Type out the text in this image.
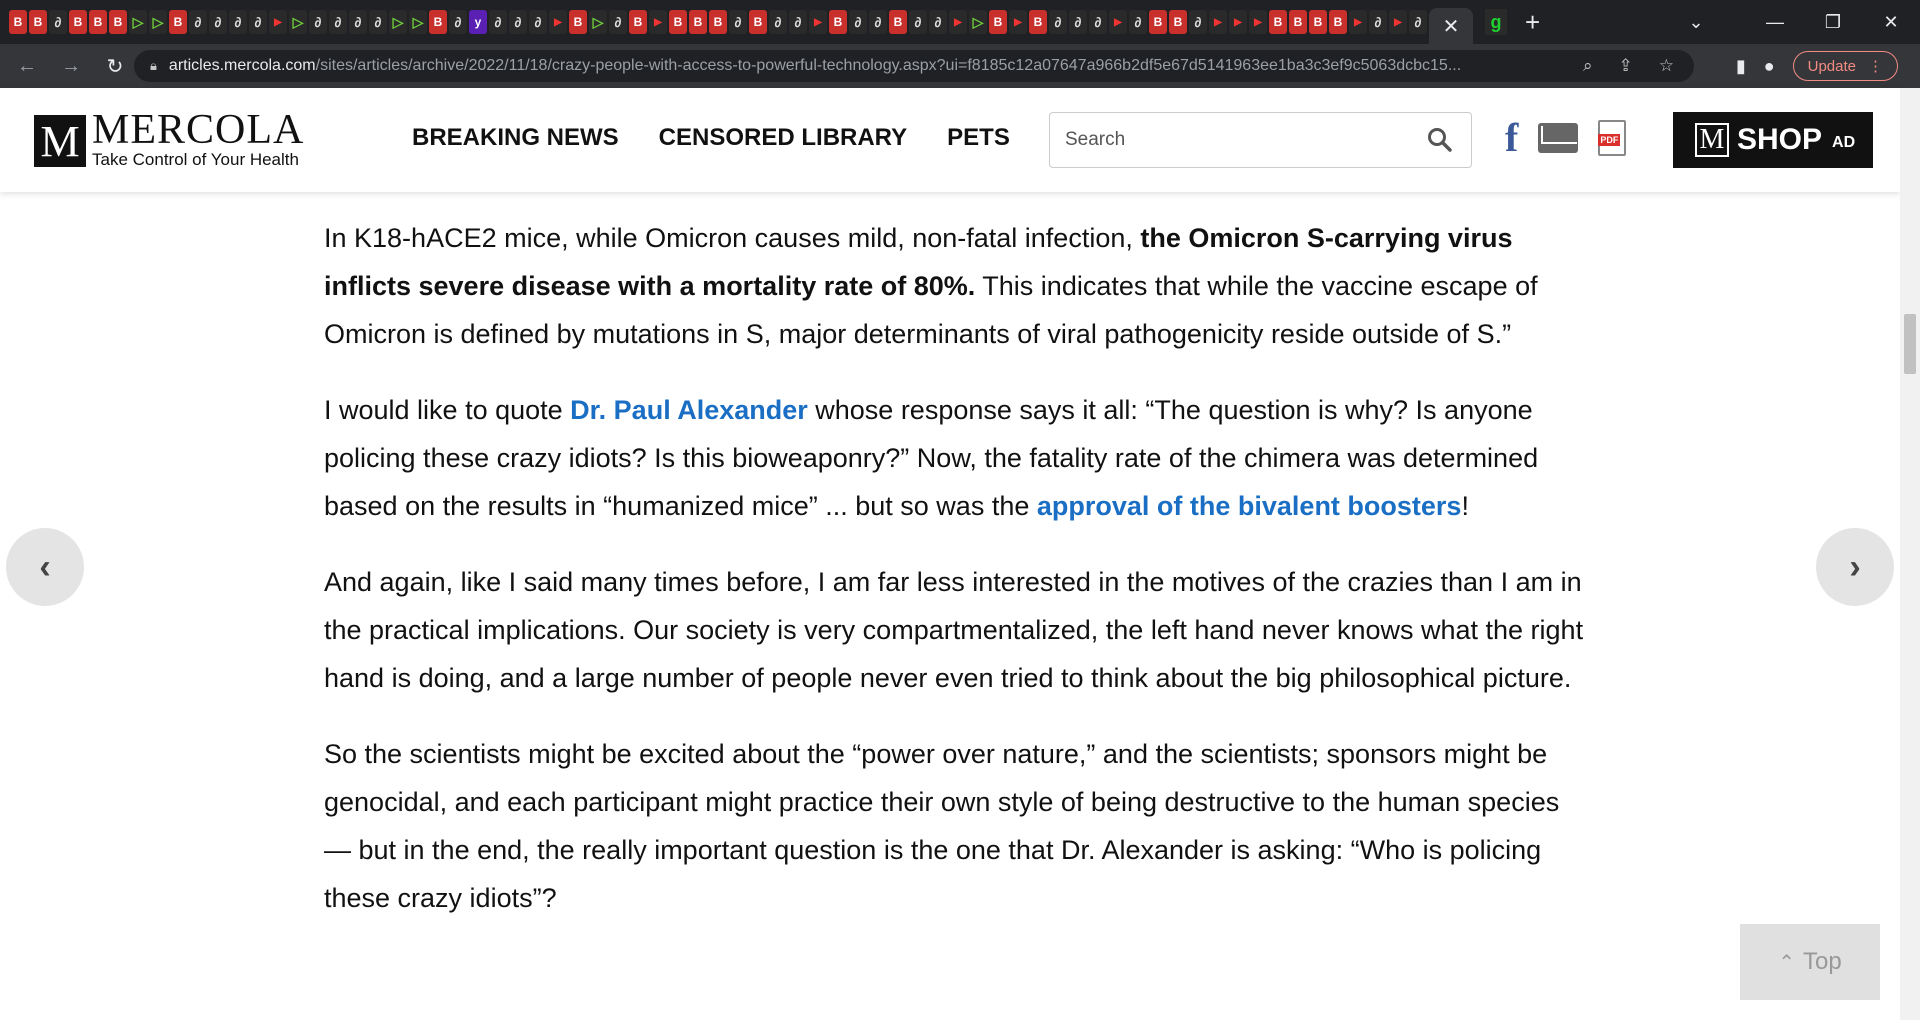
B
B
∂
B
B
B
▷
▷
B
∂
∂
∂
∂
▶
▷
∂
∂
∂
∂
▷
▷
B
∂
y
∂
∂
∂
▶
B
▷
∂
B
▶
B
B
B
∂
B
∂
∂
▶
B
∂
∂
B
∂
∂
▶
▷
B
▶
B
∂
∂
∂
▶
∂
B
B
∂
▶
▶
▶
B
B
B
B
▶
∂
▶
∂
✕	g +	⌄	—	❐	✕
←	→	↻	🔒︎ articles.mercola.com/sites/articles/archive/2022/11/18/crazy-people-with-access-to-powerful-technology.aspx?ui=f8185c12a07647a966b2df5e67d5141963ee1ba3c3ef9c5063dcbc15...	⌕ ⇪ ☆	▮ ● Update ⋮
M MERCOLA
Take Control of Your Health
BREAKING NEWS CENSORED LIBRARY PETS
Search	f	PDF	M SHOP AD

In K18-hACE2 mice, while Omicron causes mild, non-fatal infection, the Omicron S-carrying virus inflicts severe disease with a mortality rate of 80%. This indicates that while the vaccine escape of Omicron is defined by mutations in S, major determinants of viral pathogenicity reside outside of S.”

I would like to quote Dr. Paul Alexander whose response says it all: “The question is why? Is anyone policing these crazy idiots? Is this bioweaponry?” Now, the fatality rate of the chimera was determined based on the results in “humanized mice” ... but so was the approval of the bivalent boosters!

And again, like I said many times before, I am far less interested in the motives of the crazies than I am in the practical implications. Our society is very compartmentalized, the left hand never knows what the right hand is doing, and a large number of people never even tried to think about the big philosophical picture.

So the scientists might be excited about the “power over nature,” and the scientists; sponsors might be genocidal, and each participant might practice their own style of being destructive to the human species — but in the end, the really important question is the one that Dr. Alexander is asking: “Who is policing these crazy idiots”?

‹	›
⌃ Top
